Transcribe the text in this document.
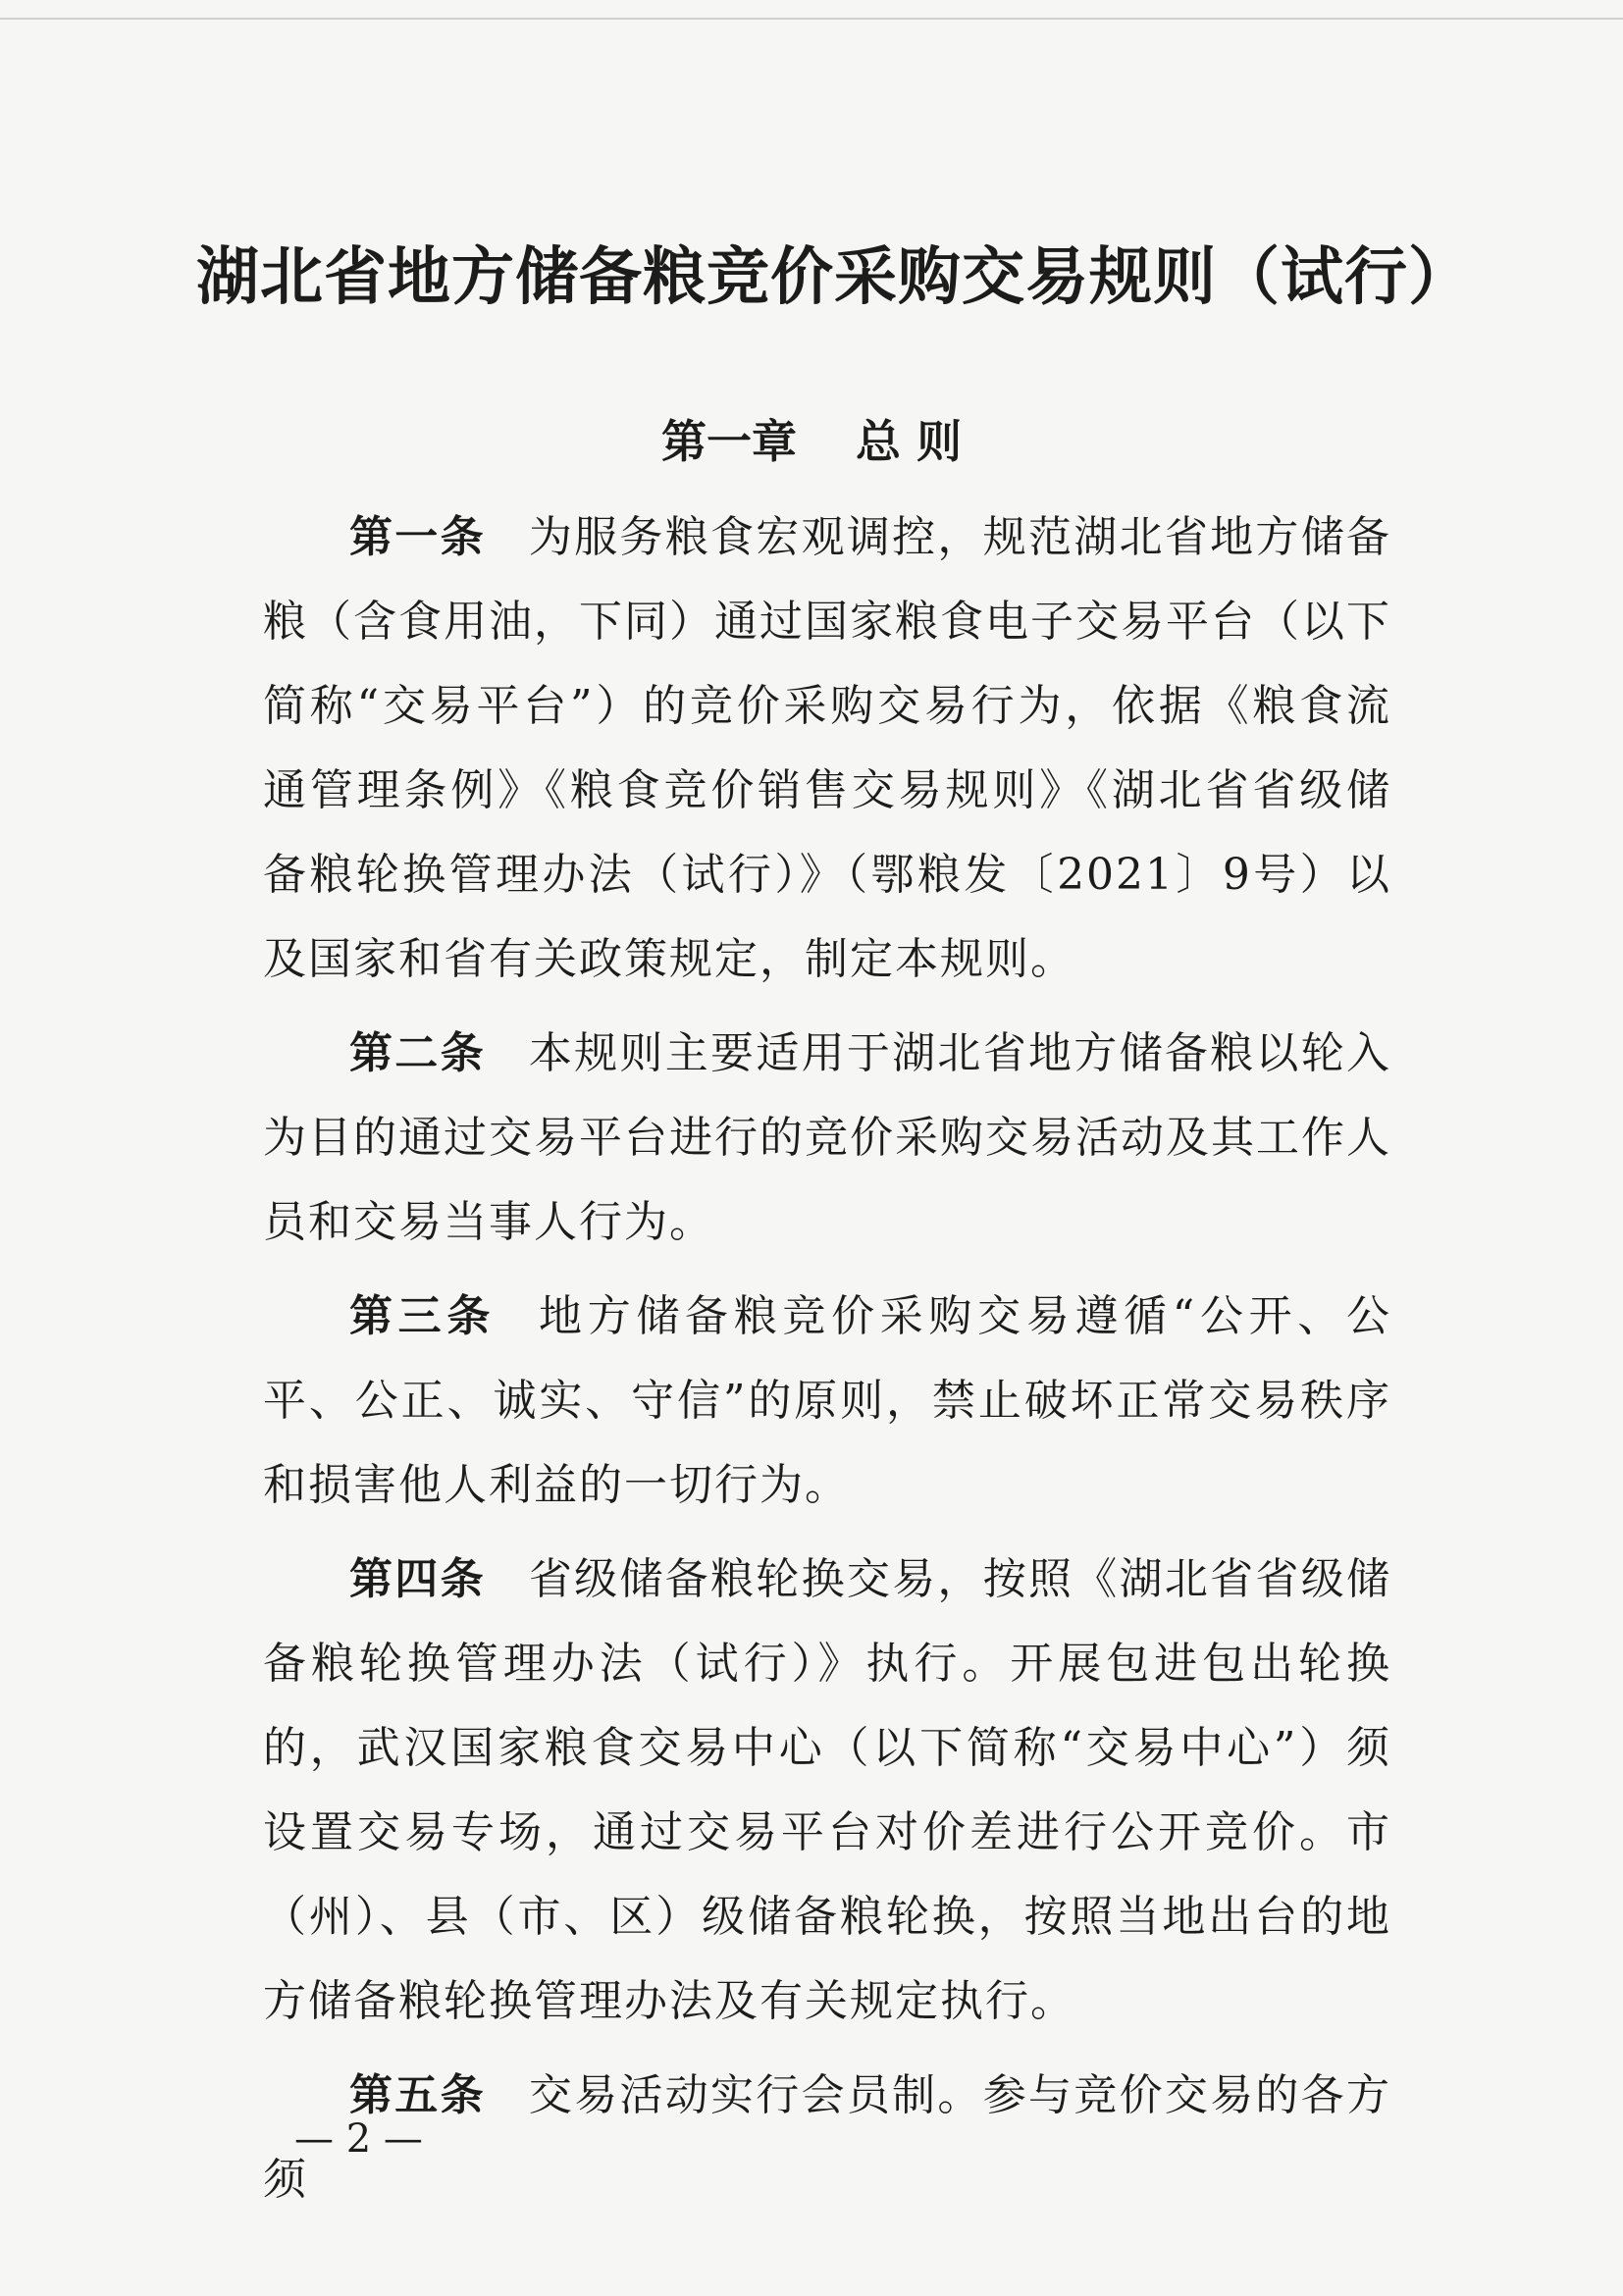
湖北省地方储备粮竞价采购交易规则（试行）
第一章 总 则

第一条 为服务粮食宏观调控，规范湖北省地方储备粮（含食用油，下同）通过国家粮食电子交易平台（以下简称“交易平台”）的竞价采购交易行为，依据《粮食流通管理条例》《粮食竞价销售交易规则》《湖北省省级储备粮轮换管理办法（试行）》（鄂粮发〔2021〕9号）以及国家和省有关政策规定，制定本规则。

第二条 本规则主要适用于湖北省地方储备粮以轮入为目的通过交易平台进行的竞价采购交易活动及其工作人员和交易当事人行为。

第三条 地方储备粮竞价采购交易遵循“公开、公平、公正、诚实、守信”的原则，禁止破坏正常交易秩序和损害他人利益的一切行为。

第四条 省级储备粮轮换交易，按照《湖北省省级储备粮轮换管理办法（试行）》执行。开展包进包出轮换的，武汉国家粮食交易中心（以下简称“交易中心”）须设置交易专场，通过交易平台对价差进行公开竞价。市（州）、县（市、区）级储备粮轮换，按照当地出台的地方储备粮轮换管理办法及有关规定执行。

第五条 交易活动实行会员制。参与竞价交易的各方须

— 2 —
